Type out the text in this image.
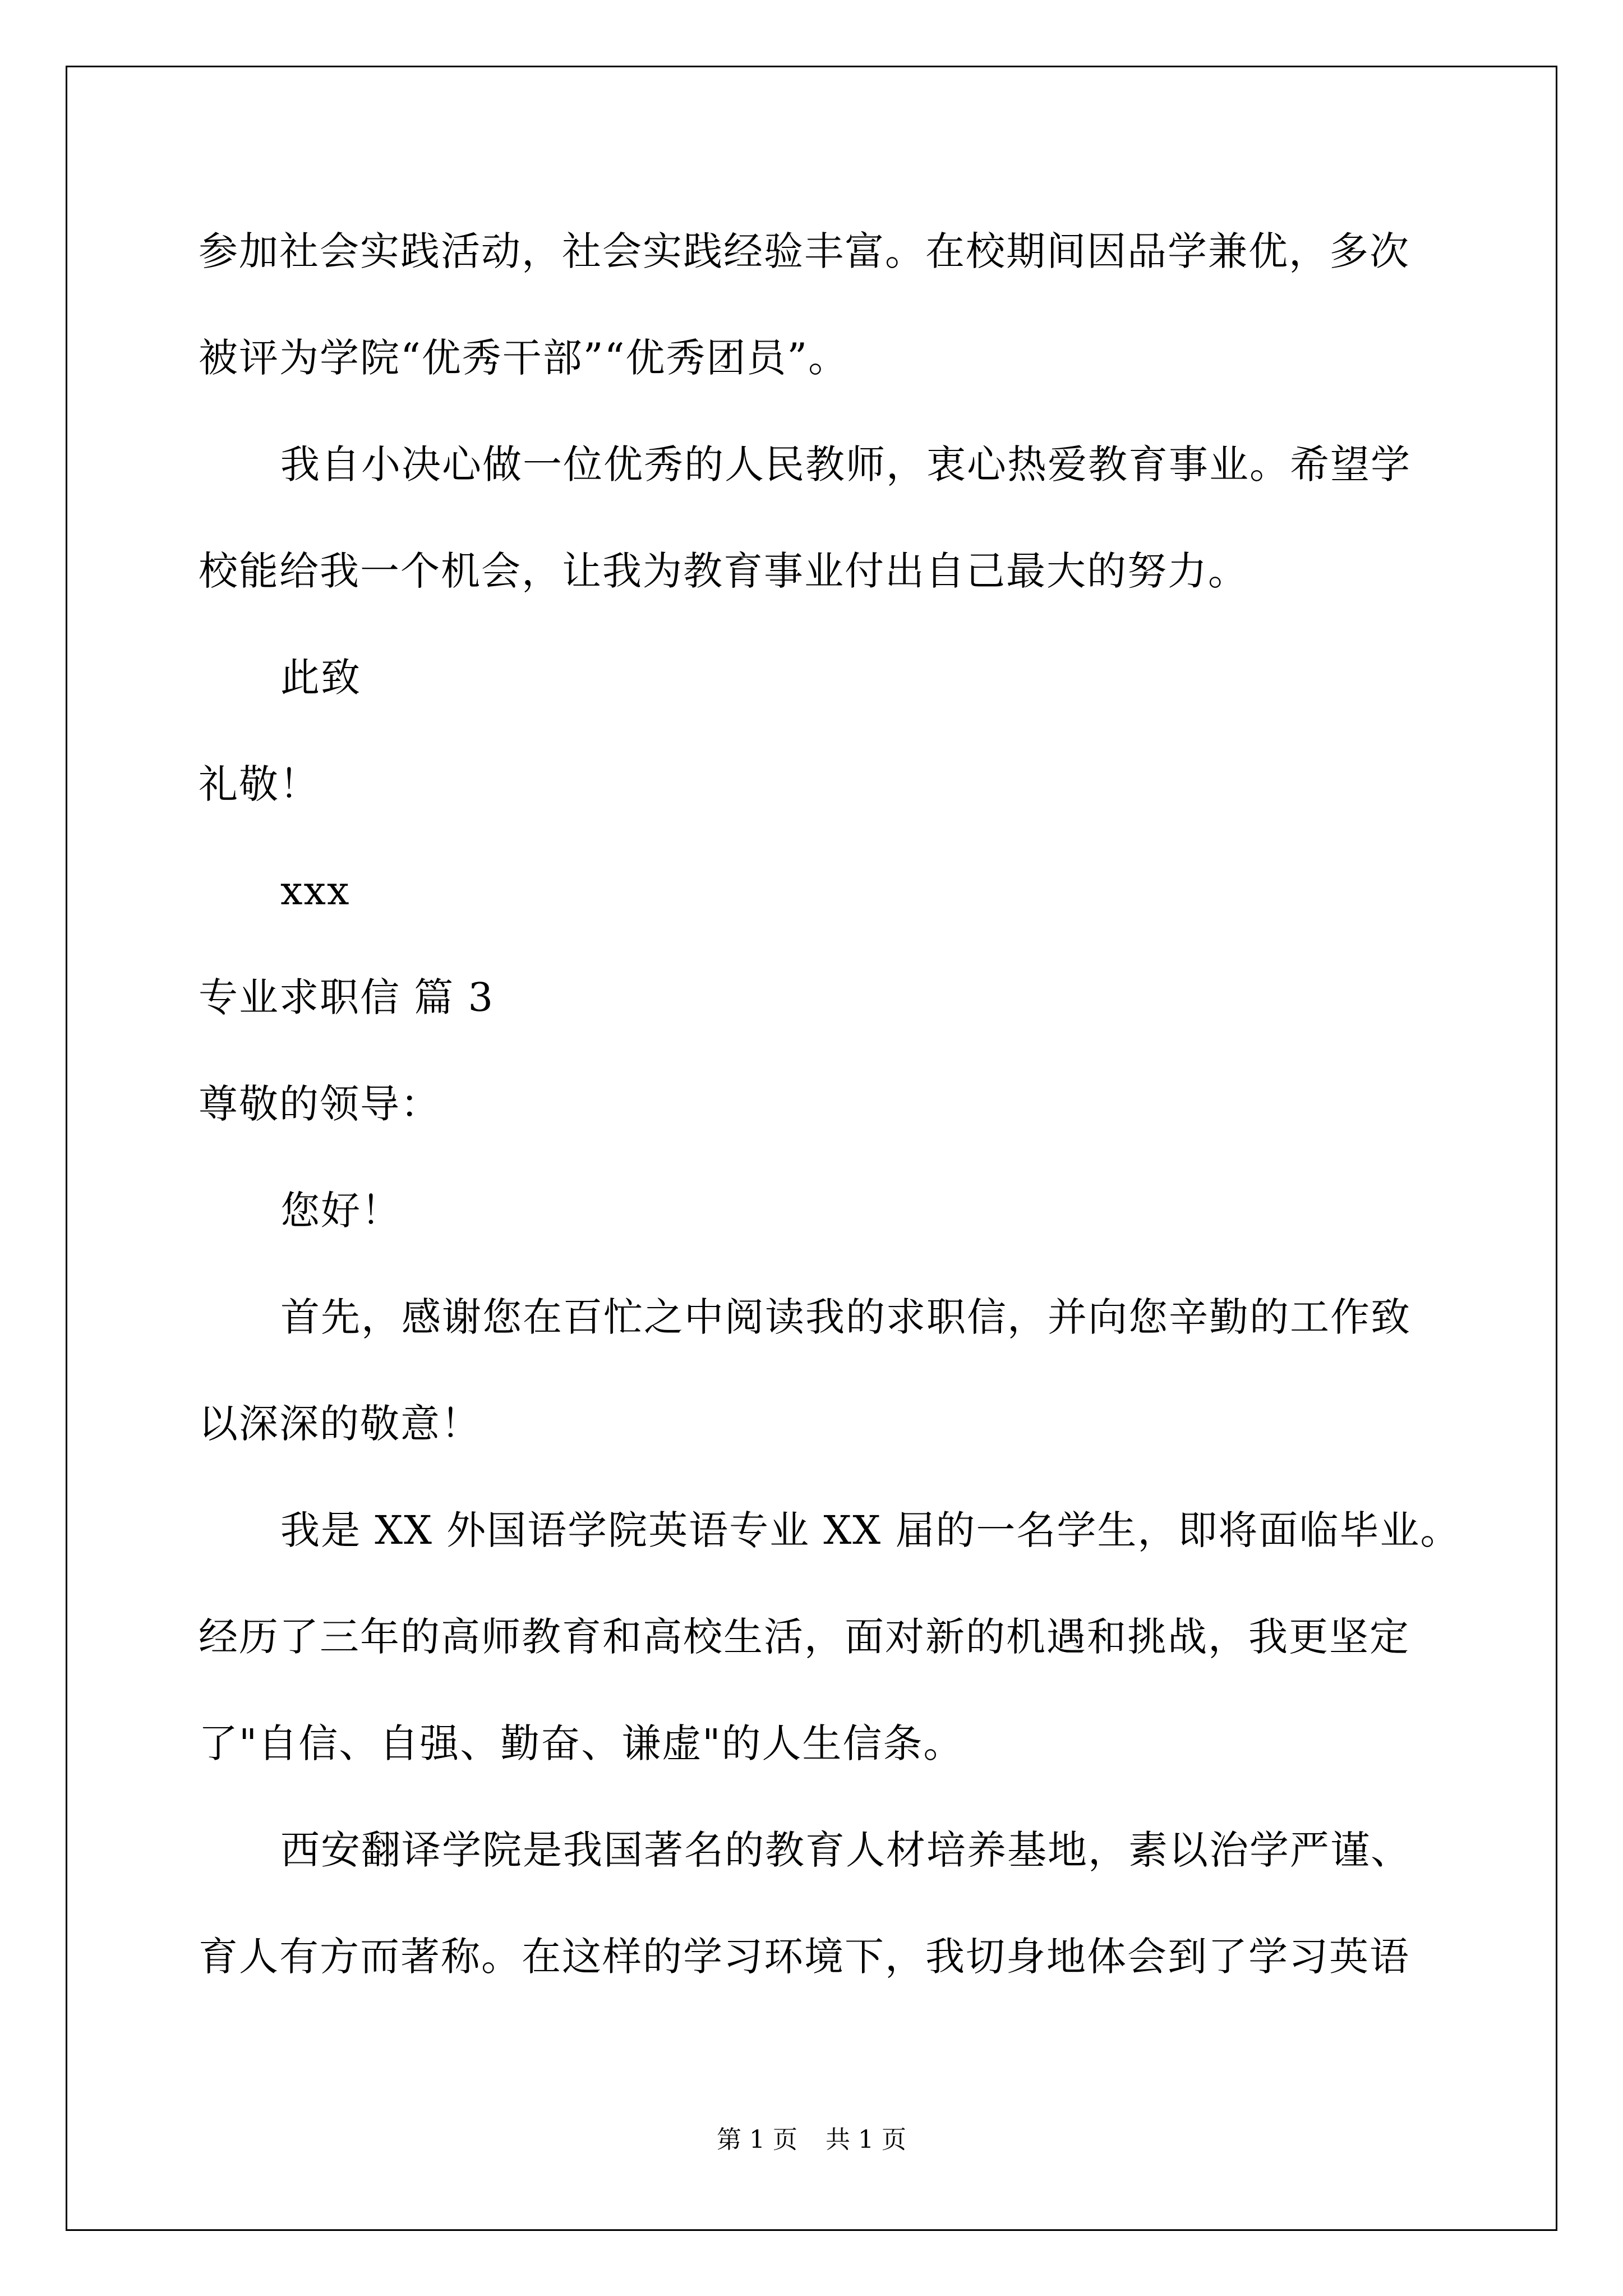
参加社会实践活动，社会实践经验丰富。在校期间因品学兼优，多次
被评为学院“优秀干部”“优秀团员”。
我自小决心做一位优秀的人民教师，衷心热爱教育事业。希望学
校能给我一个机会，让我为教育事业付出自己最大的努力。
此致
礼敬！
xxx
专业求职信 篇 3
尊敬的领导：
您好！
首先，感谢您在百忙之中阅读我的求职信，并向您辛勤的工作致
以深深的敬意！
我是 XX 外国语学院英语专业 XX 届的一名学生，即将面临毕业。
经历了三年的高师教育和高校生活，面对新的机遇和挑战，我更坚定
了"自信、自强、勤奋、谦虚"的人生信条。
西安翻译学院是我国著名的教育人材培养基地，素以治学严谨、
育人有方而著称。在这样的学习环境下，我切身地体会到了学习英语
第 1 页 共 1 页
